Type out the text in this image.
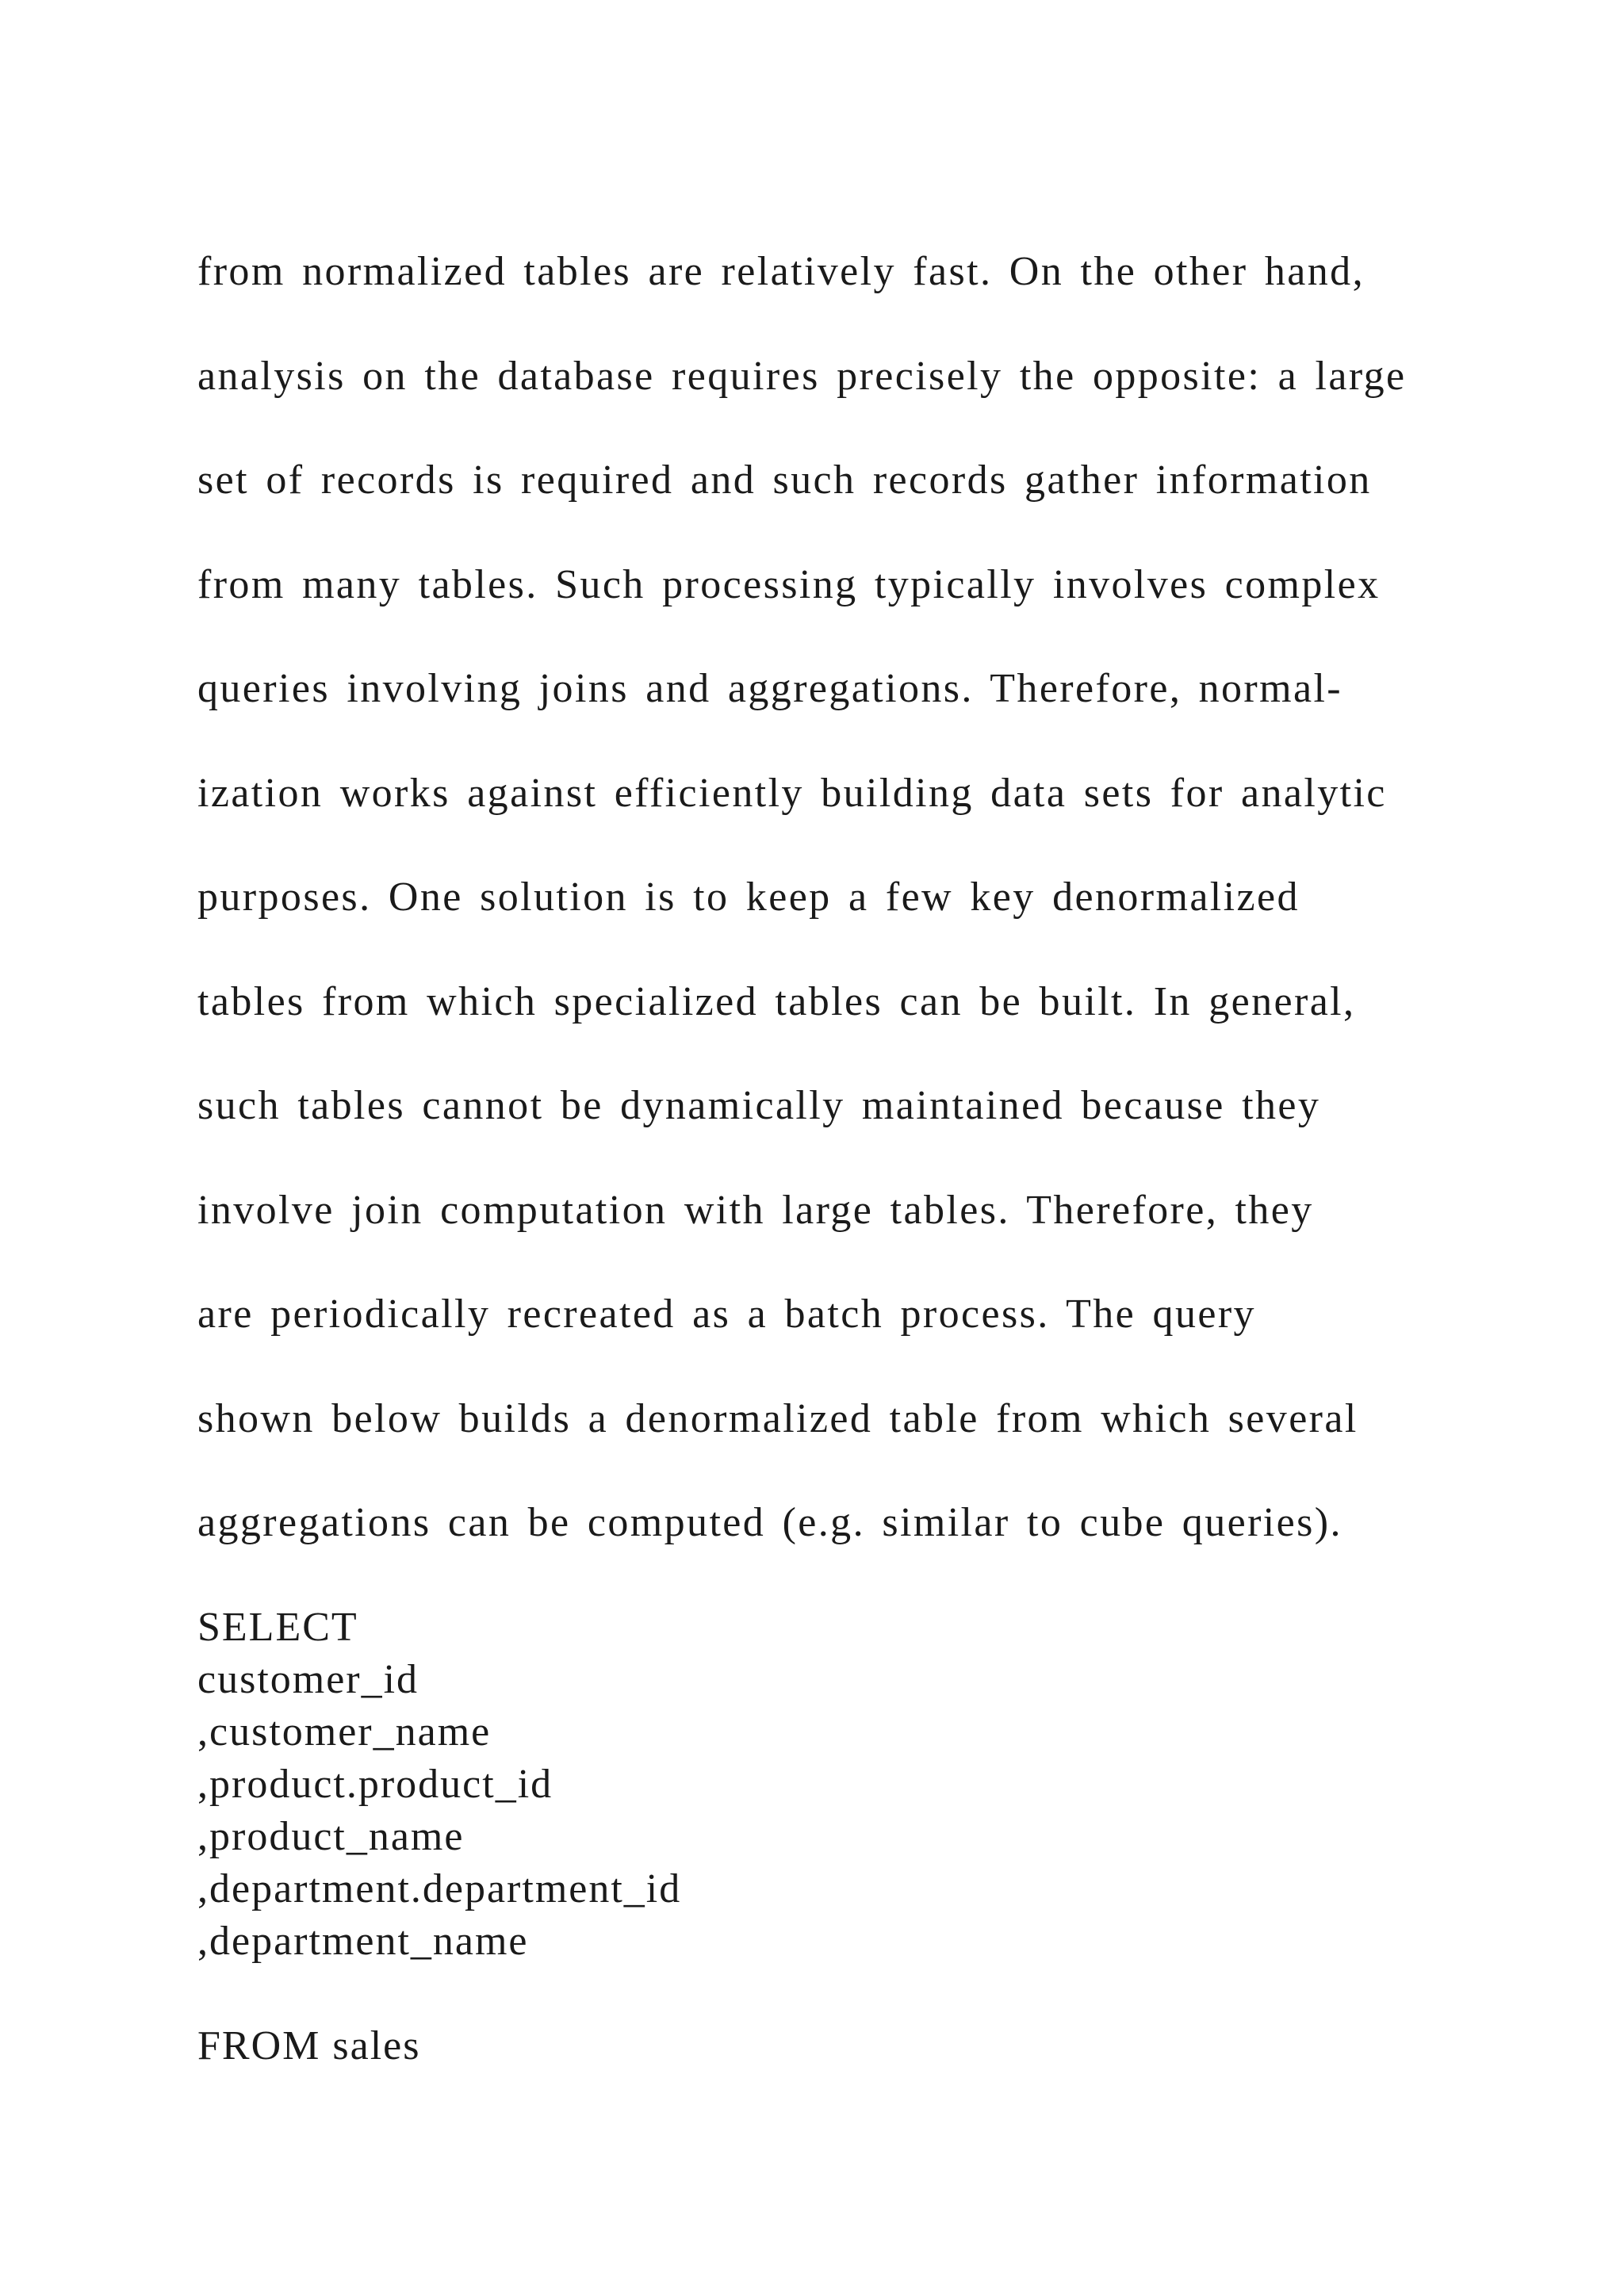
from normalized tables are relatively fast. On the other hand,
analysis on the database requires precisely the opposite: a large
set of records is required and such records gather information
from many tables. Such processing typically involves complex
queries involving joins and aggregations. Therefore, normal-
ization works against efficiently building data sets for analytic
purposes. One solution is to keep a few key denormalized
tables from which specialized tables can be built. In general,
such tables cannot be dynamically maintained because they
involve join computation with large tables. Therefore, they
are periodically recreated as a batch process. The query
shown below builds a denormalized table from which several
aggregations can be computed (e.g. similar to cube queries).
SELECT
customer_id
,customer_name
,product.product_id
,product_name
,department.department_id
,department_name
FROM sales
